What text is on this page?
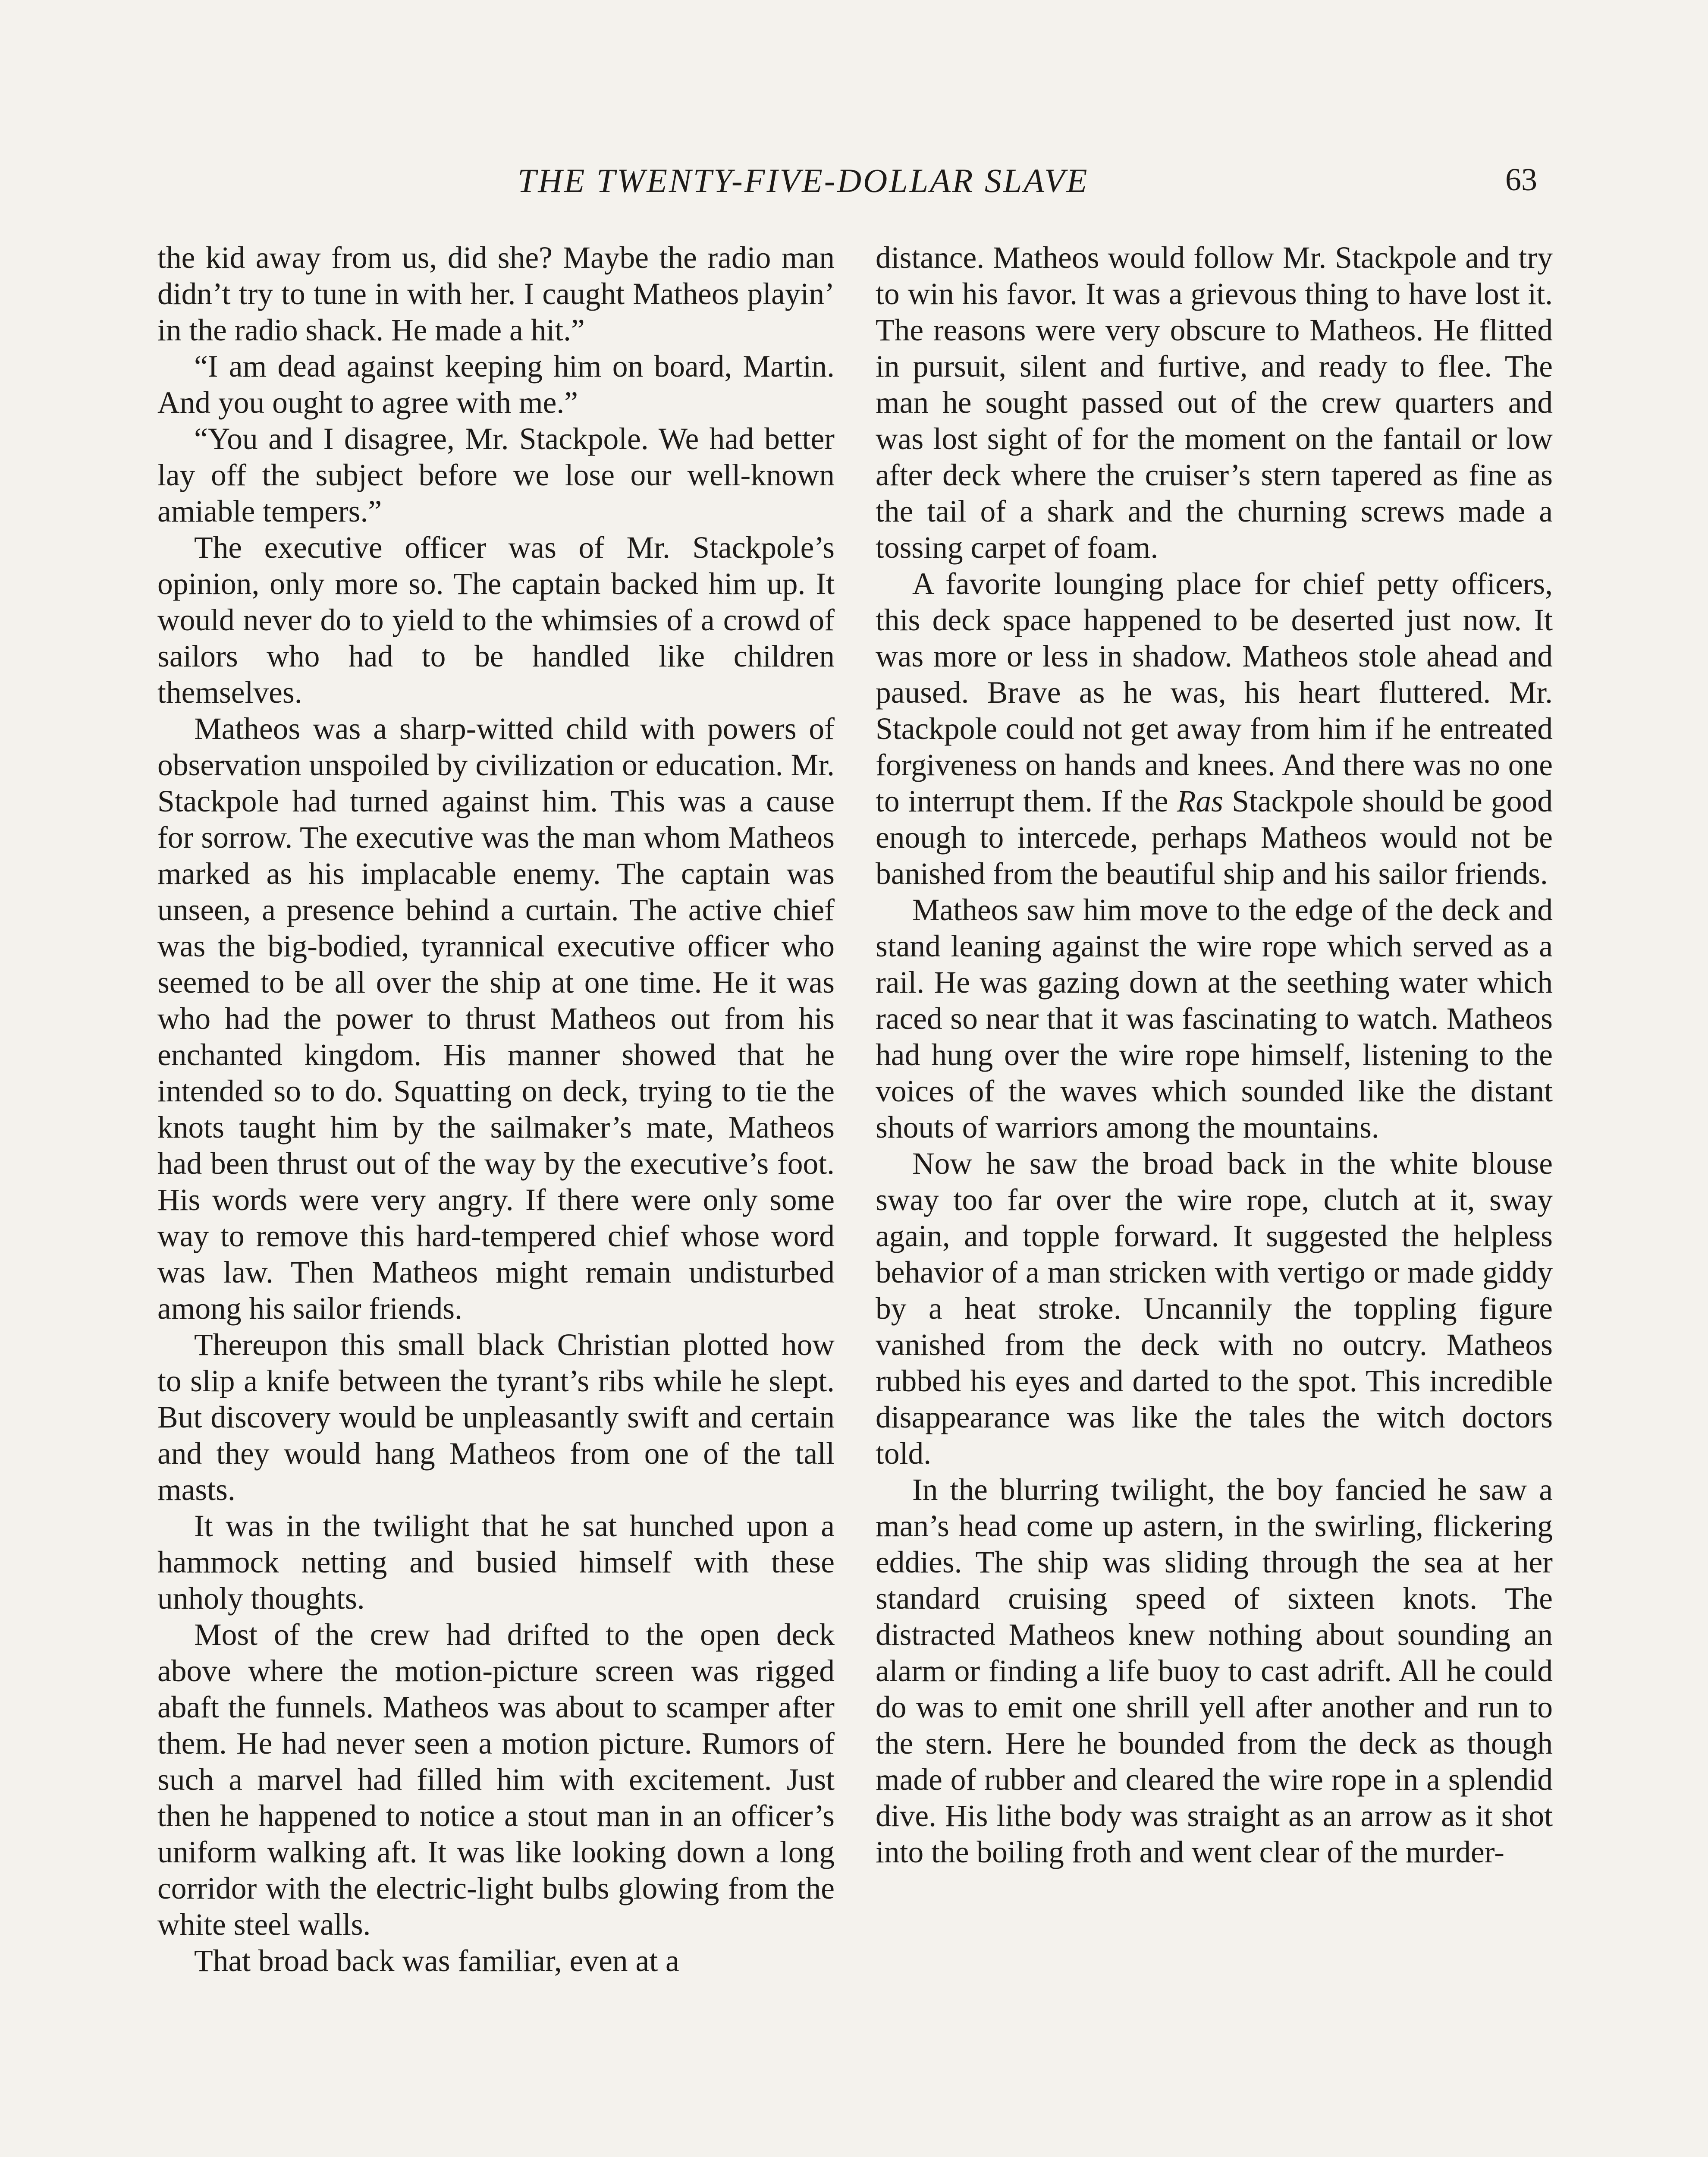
THE TWENTY-FIVE-DOLLAR SLAVE	63

the kid away from us, did she? Maybe the radio man didn’t try to tune in with her. I caught Matheos playin’ in the radio shack. He made a hit.”

“I am dead against keeping him on board, Martin. And you ought to agree with me.”

“You and I disagree, Mr. Stackpole. We had better lay off the subject before we lose our well-known amiable tempers.”

The executive officer was of Mr. Stackpole’s opinion, only more so. The captain backed him up. It would never do to yield to the whimsies of a crowd of sailors who had to be handled like children themselves.

Matheos was a sharp-witted child with powers of observation unspoiled by civilization or education. Mr. Stackpole had turned against him. This was a cause for sorrow. The executive was the man whom Matheos marked as his implacable enemy. The captain was unseen, a presence behind a curtain. The active chief was the big-bodied, tyrannical executive officer who seemed to be all over the ship at one time. He it was who had the power to thrust Matheos out from his enchanted kingdom. His manner showed that he intended so to do. Squatting on deck, trying to tie the knots taught him by the sailmaker’s mate, Matheos had been thrust out of the way by the executive’s foot. His words were very angry. If there were only some way to remove this hard-tempered chief whose word was law. Then Matheos might remain undisturbed among his sailor friends.

Thereupon this small black Christian plotted how to slip a knife between the tyrant’s ribs while he slept. But discovery would be unpleasantly swift and certain and they would hang Matheos from one of the tall masts.

It was in the twilight that he sat hunched upon a hammock netting and busied himself with these unholy thoughts.

Most of the crew had drifted to the open deck above where the motion-picture screen was rigged abaft the funnels. Matheos was about to scamper after them. He had never seen a motion picture. Rumors of such a marvel had filled him with excitement. Just then he happened to notice a stout man in an officer’s uniform walking aft. It was like looking down a long corridor with the electric-light bulbs glowing from the white steel walls.

That broad back was familiar, even at a

distance. Matheos would follow Mr. Stackpole and try to win his favor. It was a grievous thing to have lost it. The reasons were very obscure to Matheos. He flitted in pursuit, silent and furtive, and ready to flee. The man he sought passed out of the crew quarters and was lost sight of for the moment on the fantail or low after deck where the cruiser’s stern tapered as fine as the tail of a shark and the churning screws made a tossing carpet of foam.

A favorite lounging place for chief petty officers, this deck space happened to be deserted just now. It was more or less in shadow. Matheos stole ahead and paused. Brave as he was, his heart fluttered. Mr. Stackpole could not get away from him if he entreated forgiveness on hands and knees. And there was no one to interrupt them. If the Ras Stackpole should be good enough to intercede, perhaps Matheos would not be banished from the beautiful ship and his sailor friends.

Matheos saw him move to the edge of the deck and stand leaning against the wire rope which served as a rail. He was gazing down at the seething water which raced so near that it was fascinating to watch. Matheos had hung over the wire rope himself, listening to the voices of the waves which sounded like the distant shouts of warriors among the mountains.

Now he saw the broad back in the white blouse sway too far over the wire rope, clutch at it, sway again, and topple forward. It suggested the helpless behavior of a man stricken with vertigo or made giddy by a heat stroke. Uncannily the toppling figure vanished from the deck with no outcry. Matheos rubbed his eyes and darted to the spot. This incredible disappearance was like the tales the witch doctors told.

In the blurring twilight, the boy fancied he saw a man’s head come up astern, in the swirling, flickering eddies. The ship was sliding through the sea at her standard cruising speed of sixteen knots. The distracted Matheos knew nothing about sounding an alarm or finding a life buoy to cast adrift. All he could do was to emit one shrill yell after another and run to the stern. Here he bounded from the deck as though made of rubber and cleared the wire rope in a splendid dive. His lithe body was straight as an arrow as it shot into the boiling froth and went clear of the murder-
